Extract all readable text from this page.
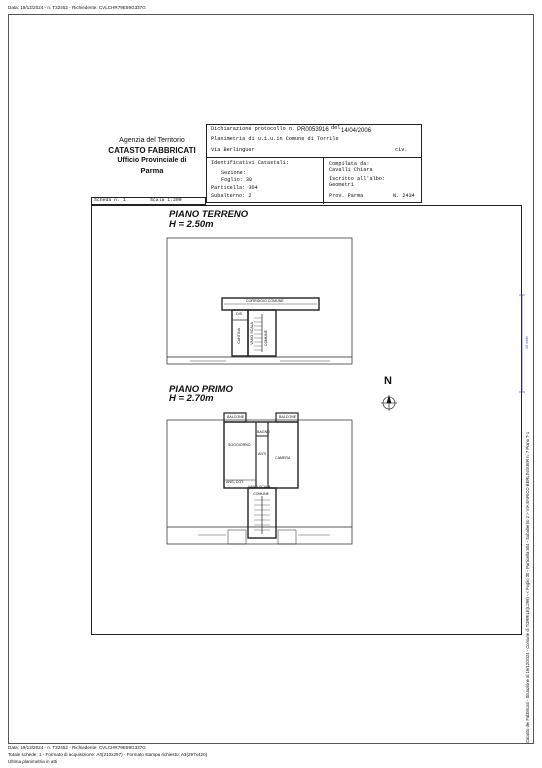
Data: 19/12/2024 - n. T32452 - Richiedente: CVLCHR79E59G337G
Agenzia del Territorio
CATASTO FABBRICATI
Ufficio Provinciale di
Parma
Dichiarazione protocollo n. PR0053916 del 14/04/2006
Planimetria di u.i.u.in Comune di Torrile
Via Berlinguer	civ.
Identificativi Catastali:
Sezione:
Foglio: 30
Particella: 304
Subalterno: 2
Compilata da:
Cavalli Chiara
Iscritto all'albo:
Geometri
Prov. Parma	N. 2434
Scheda n. 1	Scala 1:200
PIANO TERRENO
H = 2.50m
PIANO PRIMO
H = 2.70m
CORRIDOIO COMUNE
DIS.
CANTINA	VANO SCALA	COMUNE
BALCONE	BALCONE
BAGNO
SOGGIORNO
ANTI
CAMERA
ANG. COT.
VANO SCALA
COMUNE
N
10 metri
Catasto dei Fabbricati - Situazione al 19/12/2024 - Comune di TORRILE(L299) - < Foglio 30 - Particella 304 - Subalterno 2 > VIA ENRICO BERLINGUER n. 7 Piano T-1
Data: 19/12/2024 - n. T32452 - Richiedente: CVLCHR79E59G337G
Totale schede: 1 - Formato di acquisizione: A4(210x297) - Formato stampa richiesto: A3(297x420)
Ultima planimetria in atti
